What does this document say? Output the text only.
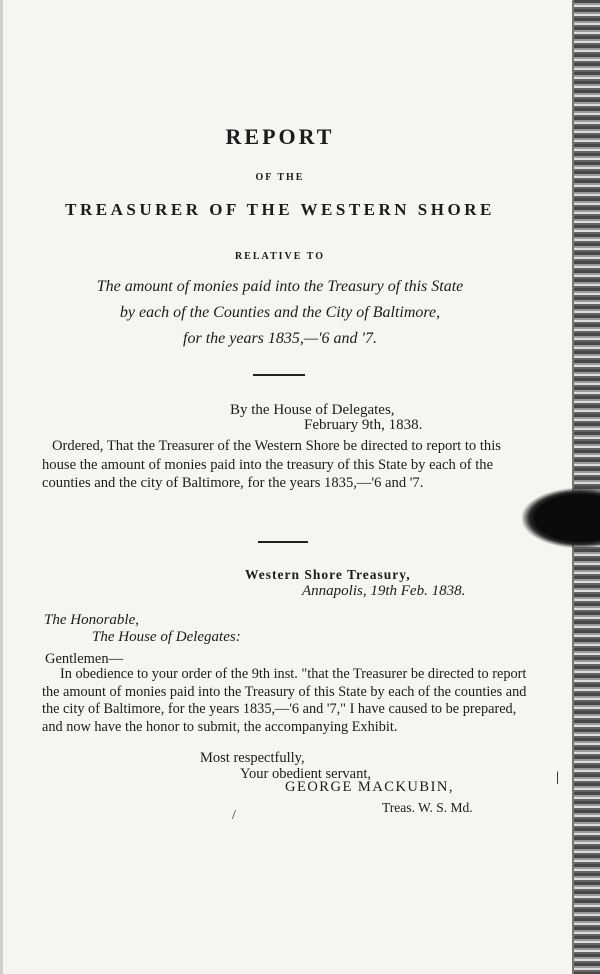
REPORT
OF THE
TREASURER OF THE WESTERN SHORE
RELATIVE TO
The amount of monies paid into the Treasury of this State
by each of the Counties and the City of Baltimore,
for the years 1835,—'6 and '7.
By the House of Delegates,
February 9th, 1838.
Ordered, That the Treasurer of the Western Shore be directed to report to this house the amount of monies paid into the treasury of this State by each of the counties and the city of Baltimore, for the years 1835,—'6 and '7.
Western Shore Treasury,
Annapolis, 19th Feb. 1838.
The Honorable,
The House of Delegates:
Gentlemen—
In obedience to your order of the 9th inst. "that the Treasurer be directed to report the amount of monies paid into the Treasury of this State by each of the counties and the city of Baltimore, for the years 1835,—'6 and '7," I have caused to be prepared, and now have the honor to submit, the accompanying Exhibit.
Most respectfully,
Your obedient servant,
GEORGE MACKUBIN,
Treas. W. S. Md.
/
|
